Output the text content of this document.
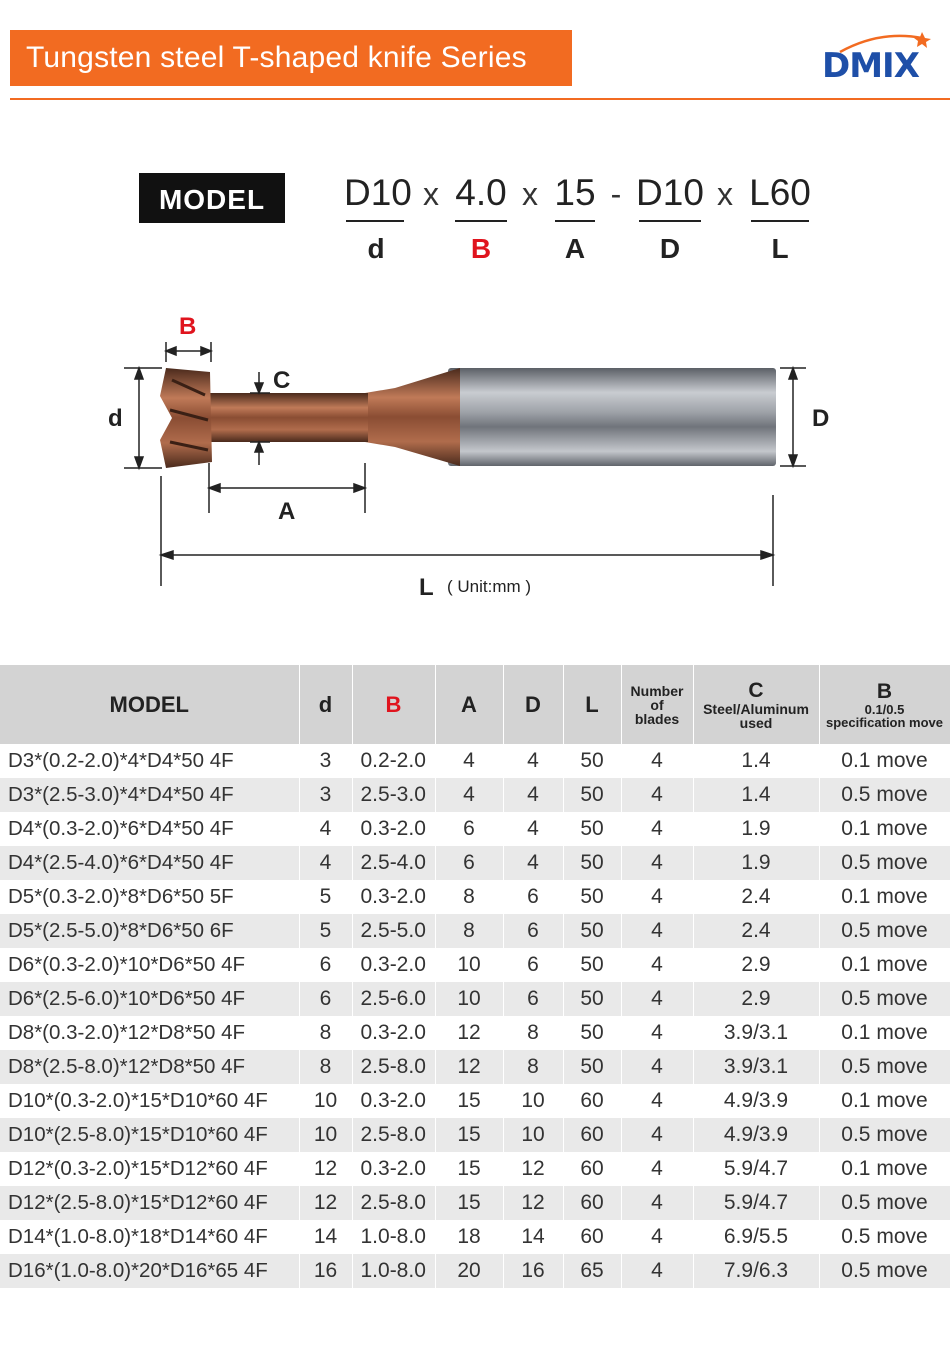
Tungsten steel T-shaped knife Series	DMIX
MODEL	D10 x 4.0 x 15 - D10 x L60
d	B	A	D	L
B
C
d	D
A
L ( Unit:mm )
MODEL	d	B	A	D	L	Number
of
blades	C
Steel/Aluminum
used	B
0.1/0.5
specification move

D3*(0.2-2.0)*4*D4*50 4F	3	0.2-2.0	4	4	50	4	1.4	0.1 move
D3*(2.5-3.0)*4*D4*50 4F	3	2.5-3.0	4	4	50	4	1.4	0.5 move
D4*(0.3-2.0)*6*D4*50 4F	4	0.3-2.0	6	4	50	4	1.9	0.1 move
D4*(2.5-4.0)*6*D4*50 4F	4	2.5-4.0	6	4	50	4	1.9	0.5 move
D5*(0.3-2.0)*8*D6*50 5F	5	0.3-2.0	8	6	50	4	2.4	0.1 move
D5*(2.5-5.0)*8*D6*50 6F	5	2.5-5.0	8	6	50	4	2.4	0.5 move
D6*(0.3-2.0)*10*D6*50 4F	6	0.3-2.0	10	6	50	4	2.9	0.1 move
D6*(2.5-6.0)*10*D6*50 4F	6	2.5-6.0	10	6	50	4	2.9	0.5 move
D8*(0.3-2.0)*12*D8*50 4F	8	0.3-2.0	12	8	50	4	3.9/3.1	0.1 move
D8*(2.5-8.0)*12*D8*50 4F	8	2.5-8.0	12	8	50	4	3.9/3.1	0.5 move
D10*(0.3-2.0)*15*D10*60 4F	10	0.3-2.0	15	10	60	4	4.9/3.9	0.1 move
D10*(2.5-8.0)*15*D10*60 4F	10	2.5-8.0	15	10	60	4	4.9/3.9	0.5 move
D12*(0.3-2.0)*15*D12*60 4F	12	0.3-2.0	15	12	60	4	5.9/4.7	0.1 move
D12*(2.5-8.0)*15*D12*60 4F	12	2.5-8.0	15	12	60	4	5.9/4.7	0.5 move
D14*(1.0-8.0)*18*D14*60 4F	14	1.0-8.0	18	14	60	4	6.9/5.5	0.5 move
D16*(1.0-8.0)*20*D16*65 4F	16	1.0-8.0	20	16	65	4	7.9/6.3	0.5 move
